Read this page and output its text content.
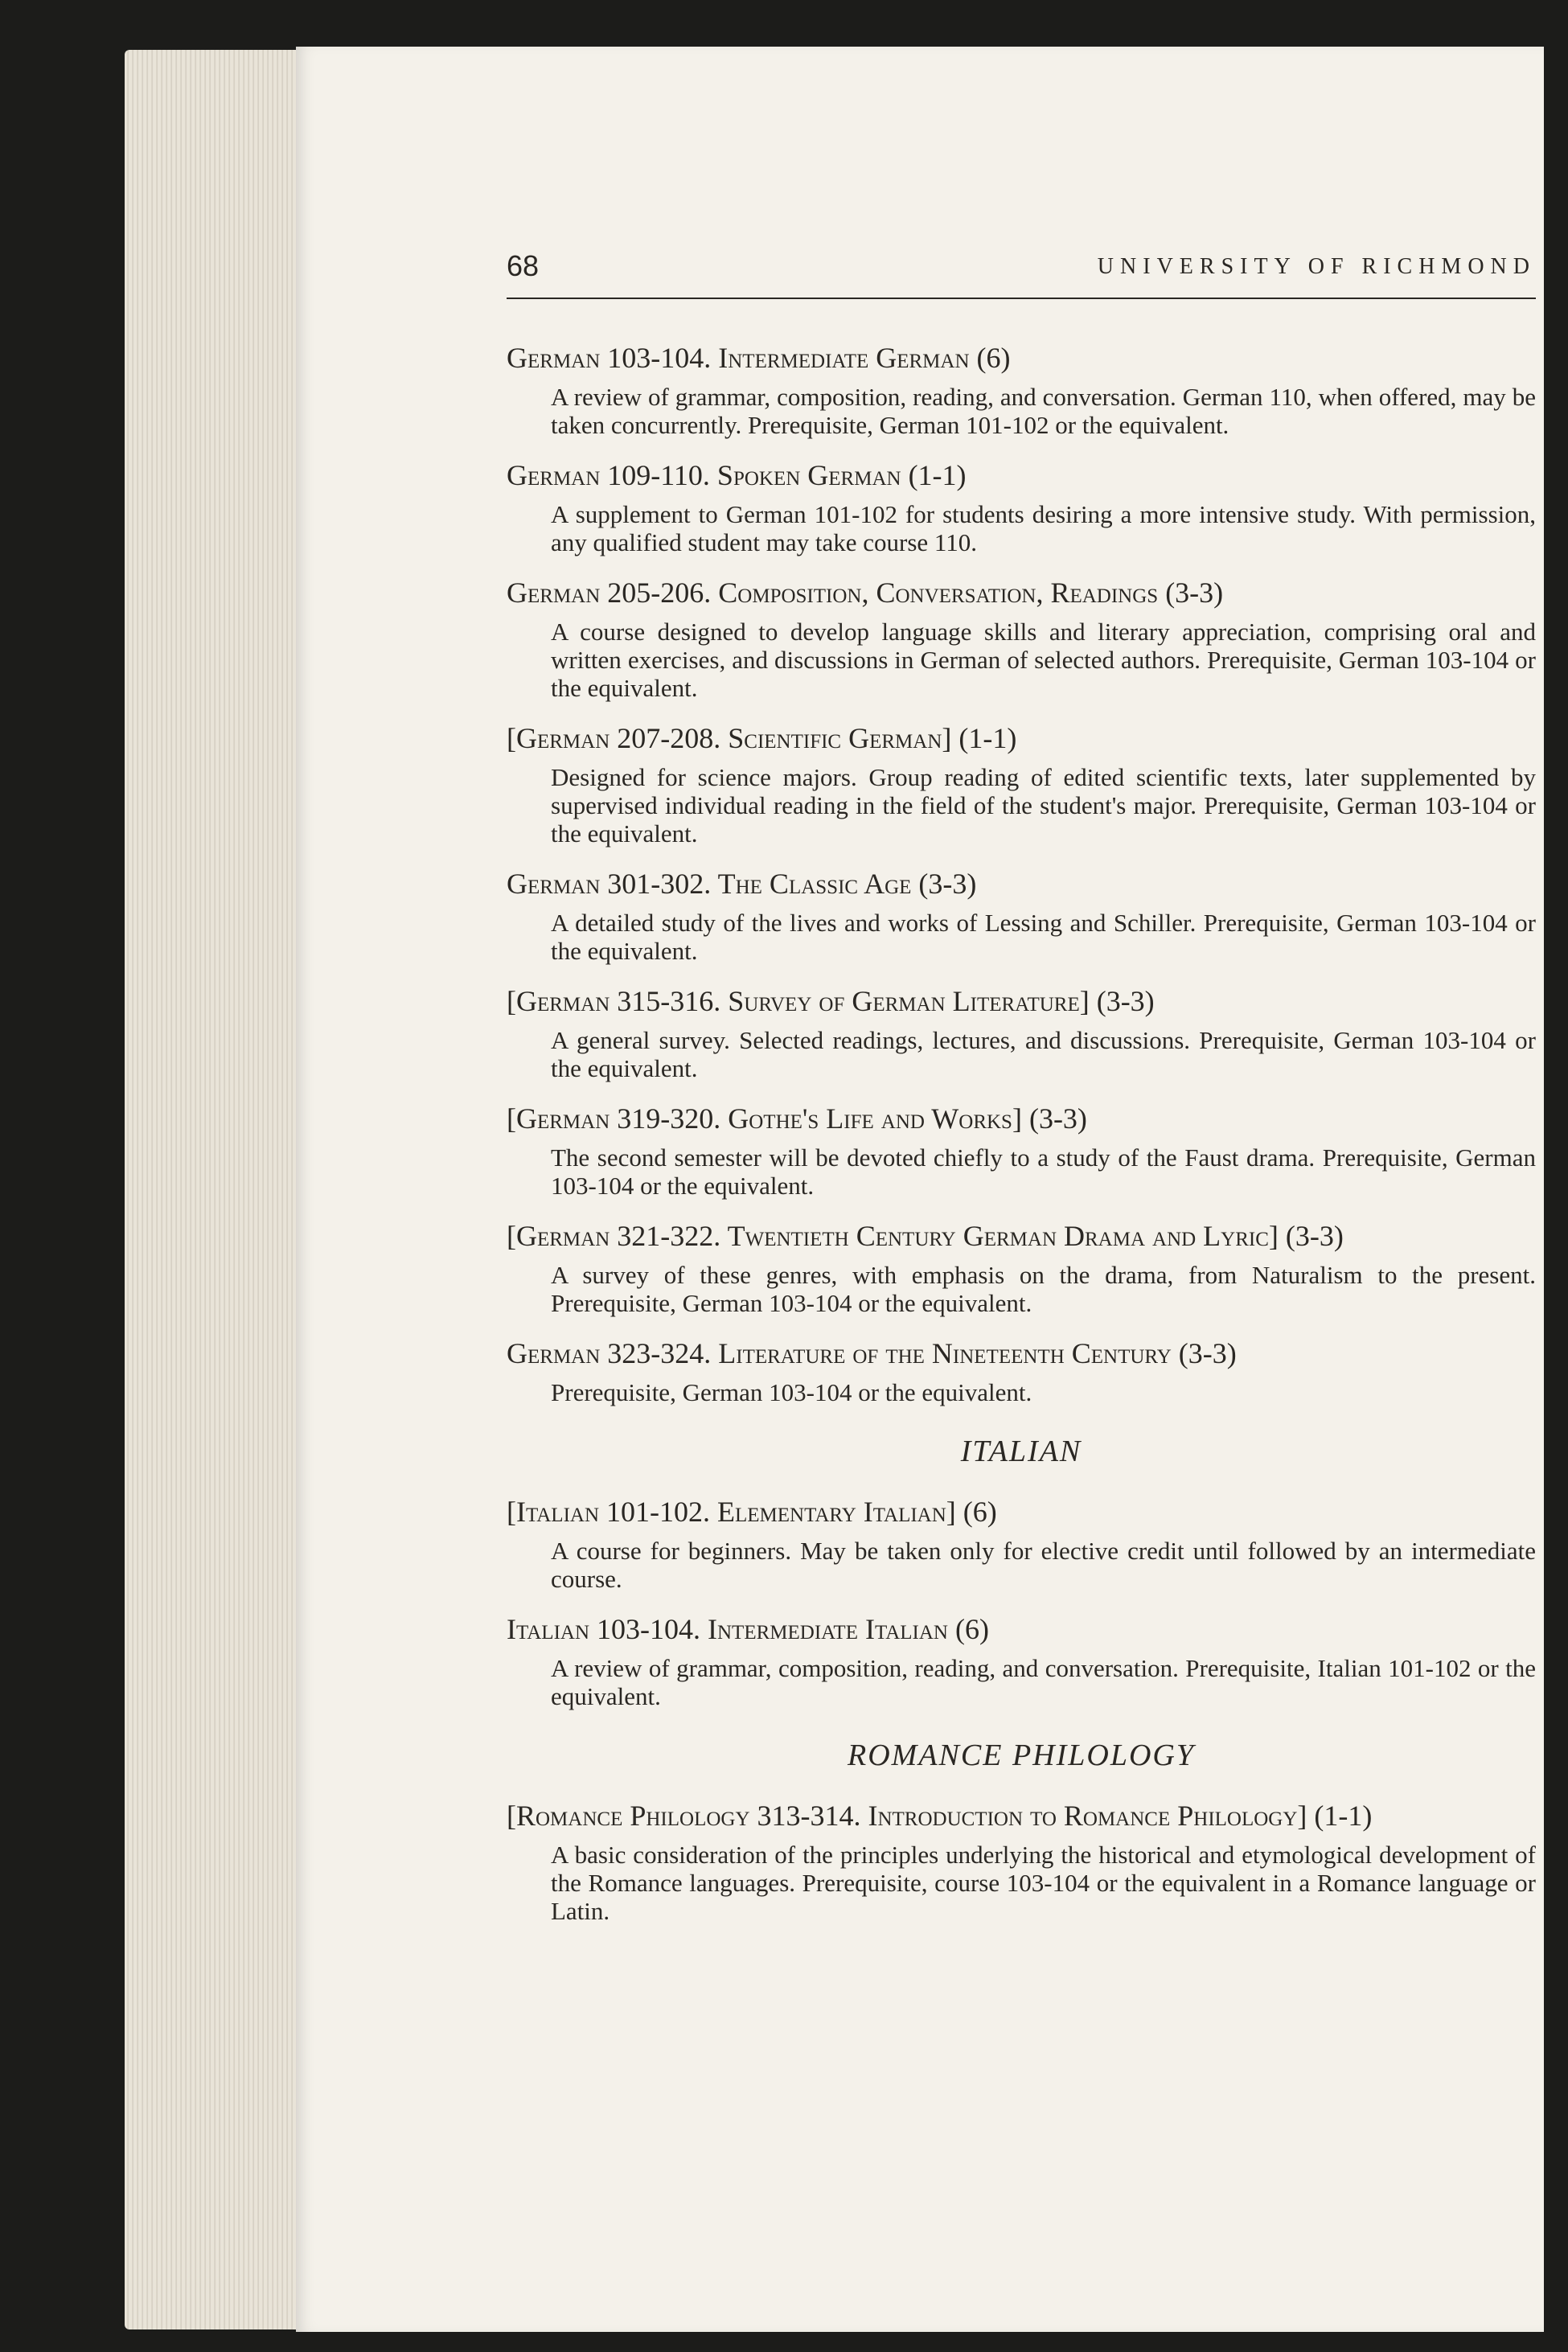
68	UNIVERSITY OF RICHMOND
German 103-104. Intermediate German (6)
A review of grammar, composition, reading, and conversation. German 110, when offered, may be taken concurrently. Prerequisite, German 101-102 or the equivalent.
German 109-110. Spoken German (1-1)
A supplement to German 101-102 for students desiring a more intensive study. With permission, any qualified student may take course 110.
German 205-206. Composition, Conversation, Readings (3-3)
A course designed to develop language skills and literary appreciation, comprising oral and written exercises, and discussions in German of selected authors. Prerequisite, German 103-104 or the equivalent.
[German 207-208. Scientific German] (1-1)
Designed for science majors. Group reading of edited scientific texts, later supplemented by supervised individual reading in the field of the student's major. Prerequisite, German 103-104 or the equivalent.
German 301-302. The Classic Age (3-3)
A detailed study of the lives and works of Lessing and Schiller. Prerequisite, German 103-104 or the equivalent.
[German 315-316. Survey of German Literature] (3-3)
A general survey. Selected readings, lectures, and discussions. Prerequisite, German 103-104 or the equivalent.
[German 319-320. Gothe's Life and Works] (3-3)
The second semester will be devoted chiefly to a study of the Faust drama. Prerequisite, German 103-104 or the equivalent.
[German 321-322. Twentieth Century German Drama and Lyric] (3-3)
A survey of these genres, with emphasis on the drama, from Naturalism to the present. Prerequisite, German 103-104 or the equivalent.
German 323-324. Literature of the Nineteenth Century (3-3)
Prerequisite, German 103-104 or the equivalent.
ITALIAN
[Italian 101-102. Elementary Italian] (6)
A course for beginners. May be taken only for elective credit until followed by an intermediate course.
Italian 103-104. Intermediate Italian (6)
A review of grammar, composition, reading, and conversation. Prerequisite, Italian 101-102 or the equivalent.
ROMANCE PHILOLOGY
[Romance Philology 313-314. Introduction to Romance Philology] (1-1)
A basic consideration of the principles underlying the historical and etymological development of the Romance languages. Prerequisite, course 103-104 or the equivalent in a Romance language or Latin.
